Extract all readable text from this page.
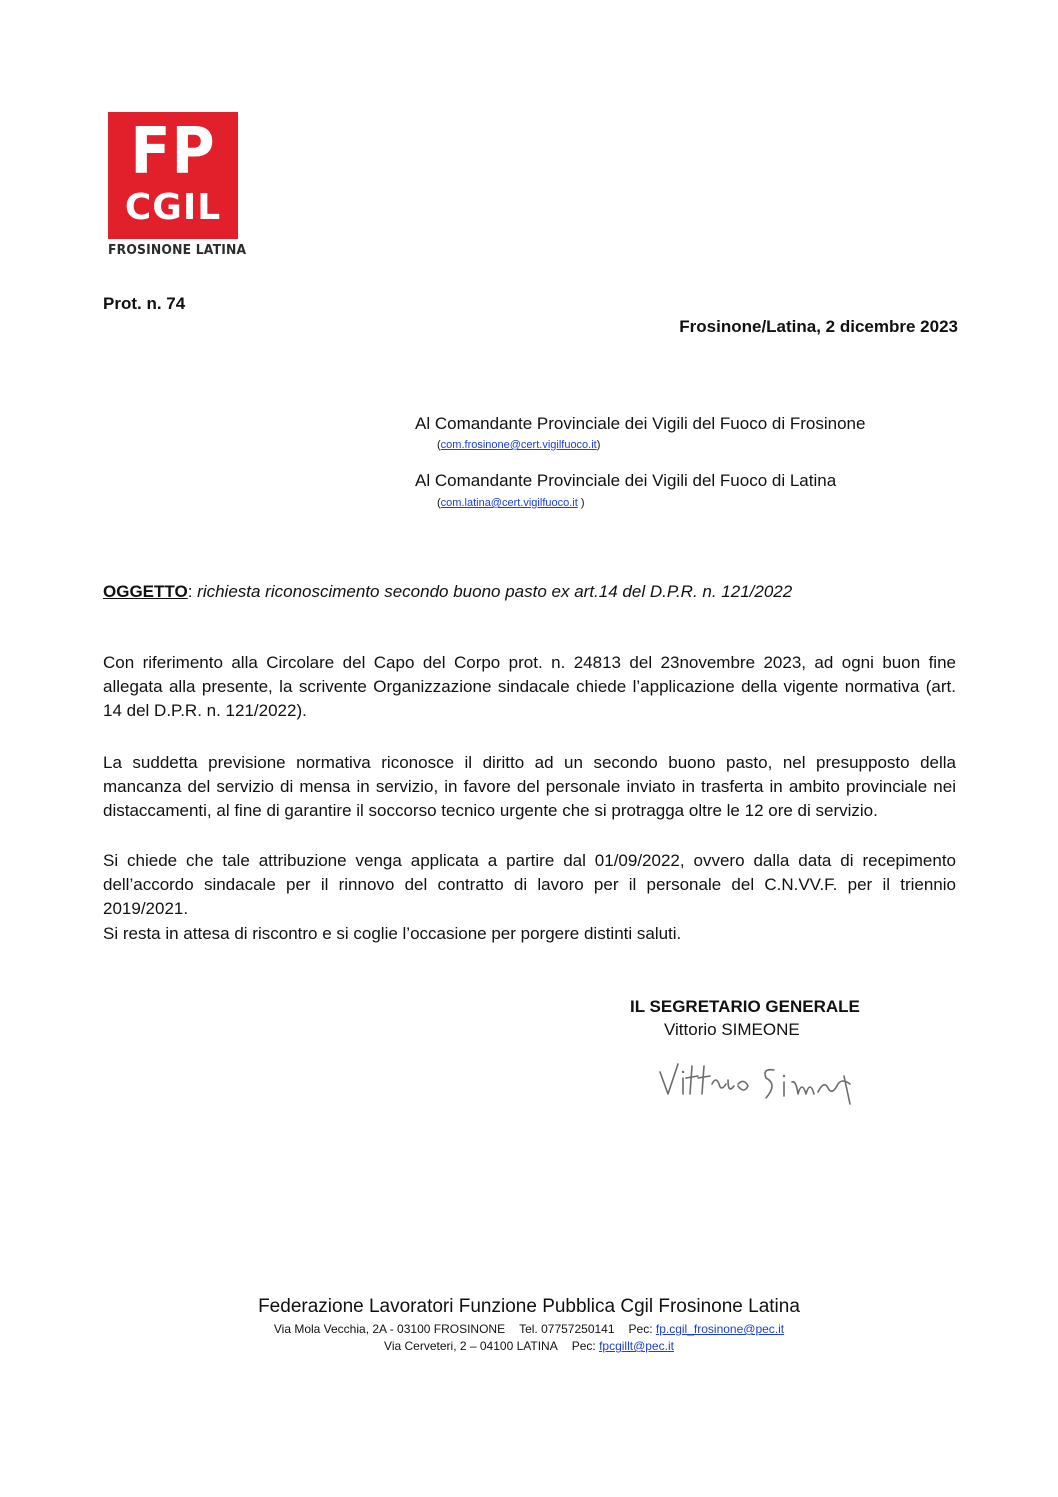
FP
CGIL
FROSINONE LATINA
Prot. n. 74
Frosinone/Latina, 2 dicembre 2023
Al Comandante Provinciale dei Vigili del Fuoco di Frosinone
(com.frosinone@cert.vigilfuoco.it)
Al Comandante Provinciale dei Vigili del Fuoco di Latina
(com.latina@cert.vigilfuoco.it )
OGGETTO: richiesta riconoscimento secondo buono pasto ex art.14 del D.P.R. n. 121/2022
Con riferimento alla Circolare del Capo del Corpo prot. n. 24813 del 23novembre 2023, ad ogni buon fine allegata alla presente, la scrivente Organizzazione sindacale chiede l’applicazione della vigente normativa (art. 14 del D.P.R. n. 121/2022).
La suddetta previsione normativa riconosce il diritto ad un secondo buono pasto, nel presupposto della mancanza del servizio di mensa in servizio, in favore del personale inviato in trasferta in ambito provinciale nei distaccamenti, al fine di garantire il soccorso tecnico urgente che si protragga oltre le 12 ore di servizio.
Si chiede che tale attribuzione venga applicata a partire dal 01/09/2022, ovvero dalla data di recepimento dell’accordo sindacale per il rinnovo del contratto di lavoro per il personale del C.N.VV.F. per il triennio 2019/2021.
Si resta in attesa di riscontro e si coglie l’occasione per porgere distinti saluti.
IL SEGRETARIO GENERALE
Vittorio SIMEONE
Federazione Lavoratori Funzione Pubblica Cgil Frosinone Latina
Via Mola Vecchia, 2A - 03100 FROSINONE Tel. 07757250141 Pec: fp.cgil_frosinone@pec.it
Via Cerveteri, 2 – 04100 LATINA Pec: fpcgillt@pec.it
